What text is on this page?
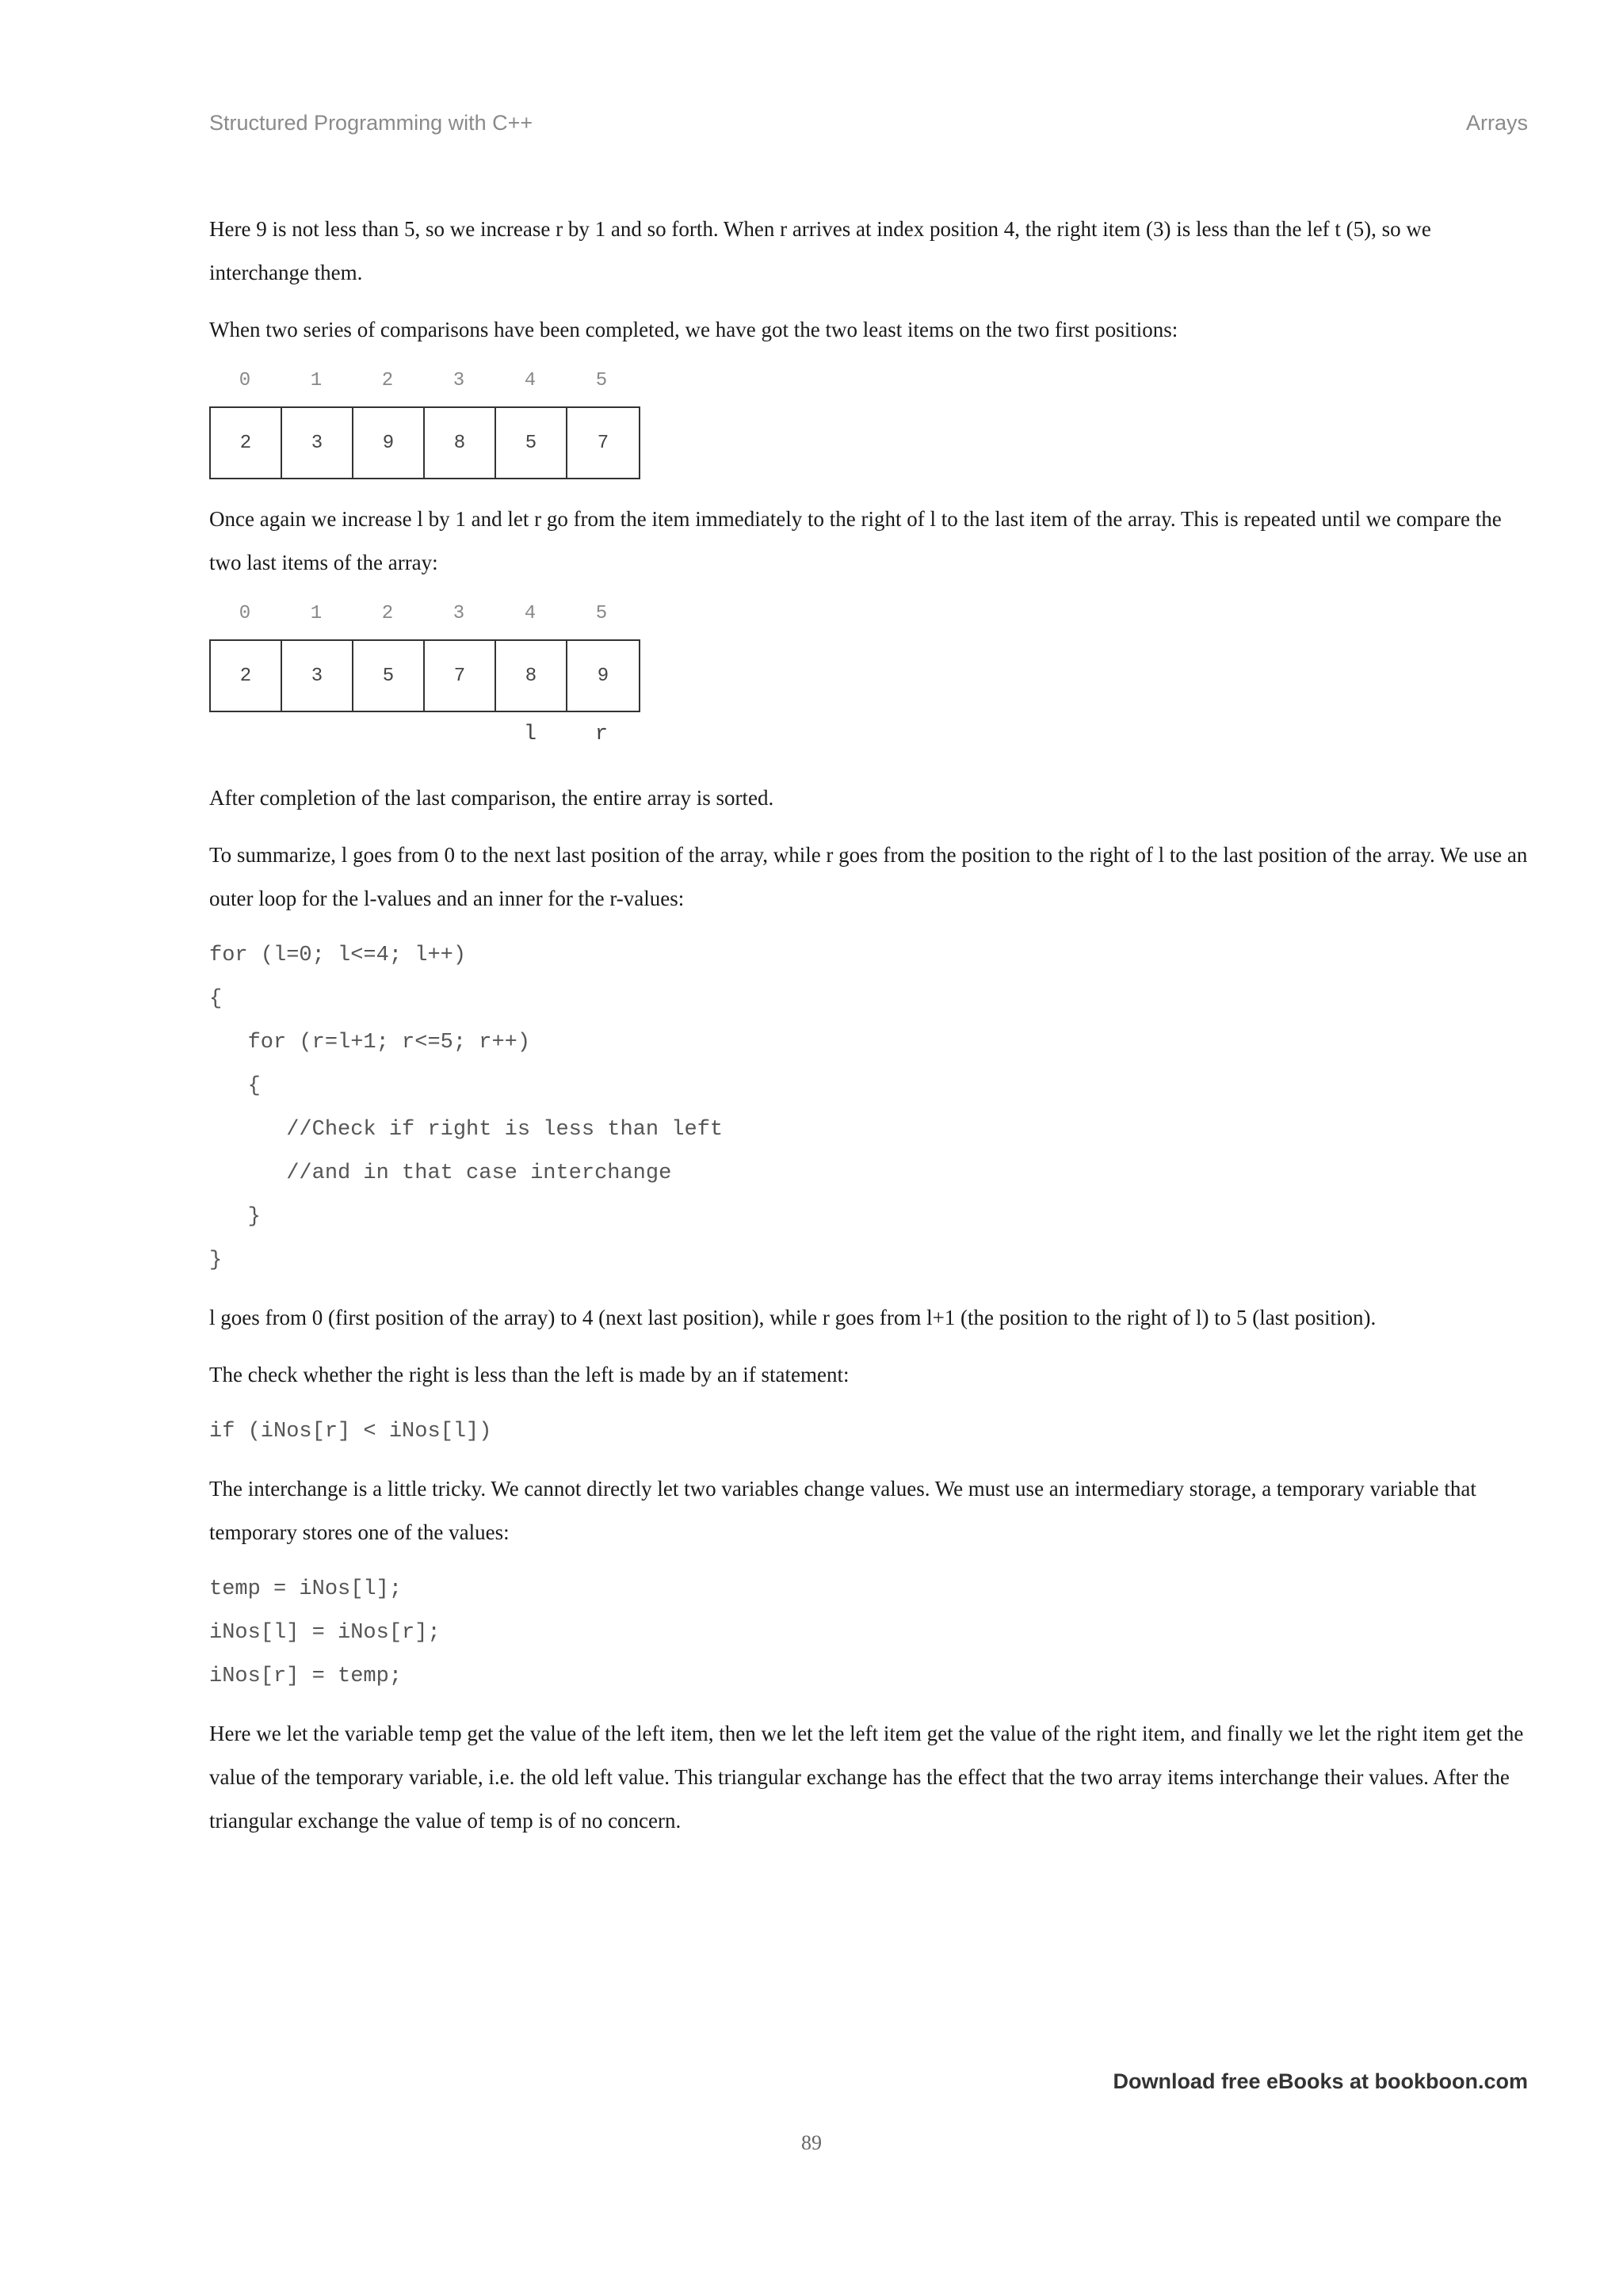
Structured Programming with C++	Arrays

Here 9 is not less than 5, so we increase r by 1 and so forth. When r arrives at index position 4, the right item (3) is less than the lef t (5), so we interchange them.

When two series of comparisons have been completed, we have got the two least items on the two first positions:

0	1	2	3	4	5
2	3	9	8	5	7

Once again we increase l by 1 and let r go from the item immediately to the right of l to the last item of the array. This is repeated until we compare the two last items of the array:

0	1	2	3	4	5
2	3	5	7	8	9
l	r

After completion of the last comparison, the entire array is sorted.

To summarize, l goes from 0 to the next last position of the array, while r goes from the position to the right of l to the last position of the array. We use an outer loop for the l-values and an inner for the r-values:

for (l=0; l<=4; l++)
{
for (r=l+1; r<=5; r++)
{
//Check if right is less than left
//and in that case interchange
}
}

l goes from 0 (first position of the array) to 4 (next last position), while r goes from l+1 (the position to the right of l) to 5 (last position).

The check whether the right is less than the left is made by an if statement:

if (iNos[r] < iNos[l])

The interchange is a little tricky. We cannot directly let two variables change values. We must use an intermediary storage, a temporary variable that temporary stores one of the values:

temp = iNos[l];
iNos[l] = iNos[r];
iNos[r] = temp;

Here we let the variable temp get the value of the left item, then we let the left item get the value of the right item, and finally we let the right item get the value of the temporary variable, i.e. the old left value. This triangular exchange has the effect that the two array items interchange their values. After the triangular exchange the value of temp is of no concern.

Download free eBooks at bookboon.com
89
